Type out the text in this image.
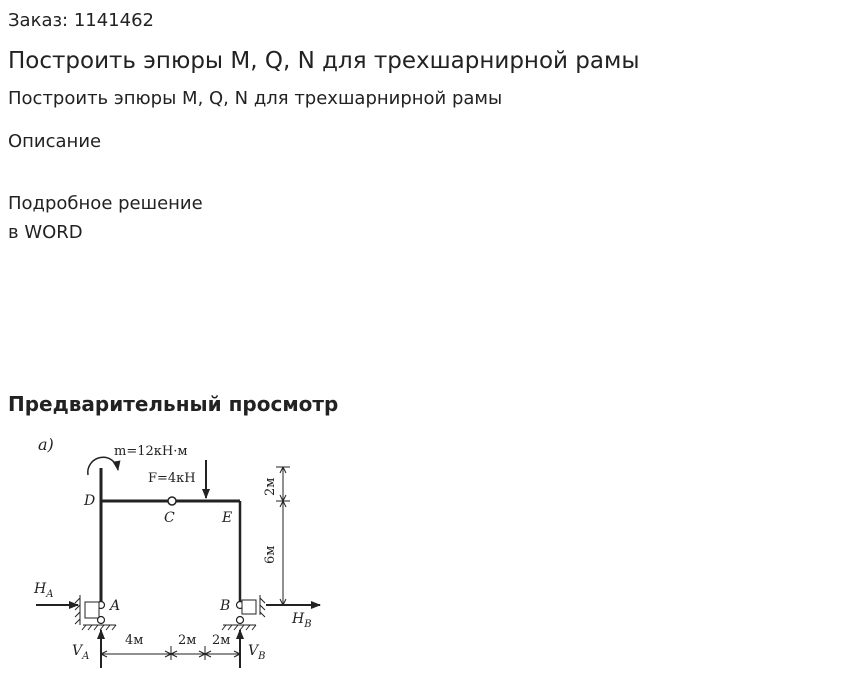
Заказ: 1141462
Построить эпюры M, Q, N для трехшарнирной рамы
Построить эпюры M, Q, N для трехшарнирной рамы
Описание
Подробное решение
в WORD
Предварительный просмотр
a)	m=12кН·м
F=4кН
D
C	E
A	B
$H_A$
$H_B$
$V_A$	$V_B$
4м	2м 2м
2м
6м
